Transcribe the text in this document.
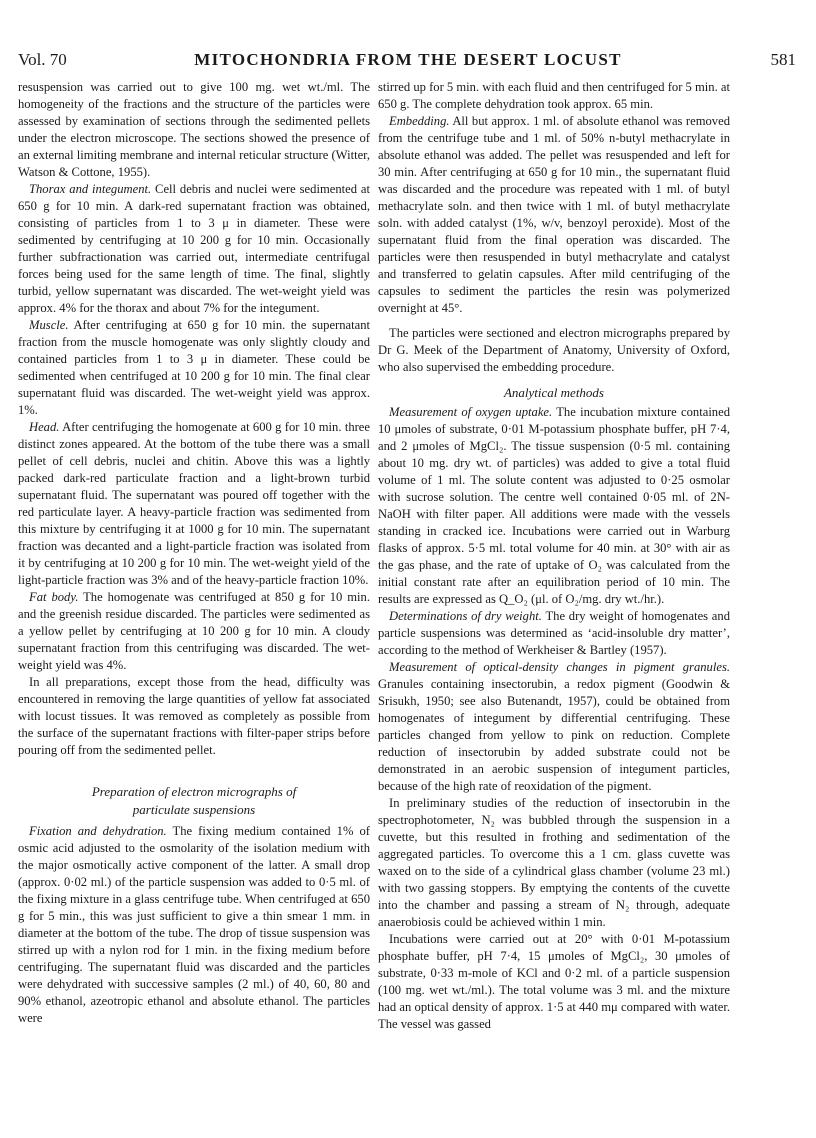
Vol. 70	MITOCHONDRIA FROM THE DESERT LOCUST	581

resuspension was carried out to give 100 mg. wet wt./ml. The homogeneity of the fractions and the structure of the particles were assessed by examination of sections through the sedimented pellets under the electron microscope. The sections showed the presence of an external limiting membrane and internal reticular structure (Witter, Watson & Cottone, 1955).

Thorax and integument. Cell debris and nuclei were sedimented at 650 g for 10 min. A dark-red supernatant fraction was obtained, consisting of particles from 1 to 3 μ in diameter. These were sedimented by centrifuging at 10 200 g for 10 min. Occasionally further subfractionation was carried out, intermediate centrifugal forces being used for the same length of time. The final, slightly turbid, yellow supernatant was discarded. The wet-weight yield was approx. 4% for the thorax and about 7% for the integument.

Muscle. After centrifuging at 650 g for 10 min. the supernatant fraction from the muscle homogenate was only slightly cloudy and contained particles from 1 to 3 μ in diameter. These could be sedimented when centrifuged at 10 200 g for 10 min. The final clear supernatant fluid was discarded. The wet-weight yield was approx. 1%.

Head. After centrifuging the homogenate at 600 g for 10 min. three distinct zones appeared. At the bottom of the tube there was a small pellet of cell debris, nuclei and chitin. Above this was a lightly packed dark-red particulate fraction and a light-brown turbid supernatant fluid. The supernatant was poured off together with the red particulate layer. A heavy-particle fraction was sedimented from this mixture by centrifuging it at 1000 g for 10 min. The supernatant fraction was decanted and a light-particle fraction was isolated from it by centrifuging at 10 200 g for 10 min. The wet-weight yield of the light-particle fraction was 3% and of the heavy-particle fraction 10%.

Fat body. The homogenate was centrifuged at 850 g for 10 min. and the greenish residue discarded. The particles were sedimented as a yellow pellet by centrifuging at 10 200 g for 10 min. A cloudy supernatant fraction from this centrifuging was discarded. The wet-weight yield was 4%.

In all preparations, except those from the head, difficulty was encountered in removing the large quantities of yellow fat associated with locust tissues. It was removed as completely as possible from the surface of the supernatant fractions with filter-paper strips before pouring off from the sedimented pellet.

Preparation of electron micrographs of
particulate suspensions

Fixation and dehydration. The fixing medium contained 1% of osmic acid adjusted to the osmolarity of the isolation medium with the major osmotically active component of the latter. A small drop (approx. 0·02 ml.) of the particle suspension was added to 0·5 ml. of the fixing mixture in a glass centrifuge tube. When centrifuged at 650 g for 5 min., this was just sufficient to give a thin smear 1 mm. in diameter at the bottom of the tube. The drop of tissue suspension was stirred up with a nylon rod for 1 min. in the fixing medium before centrifuging. The supernatant fluid was discarded and the particles were dehydrated with successive samples (2 ml.) of 40, 60, 80 and 90% ethanol, azeotropic ethanol and absolute ethanol. The particles were

stirred up for 5 min. with each fluid and then centrifuged for 5 min. at 650 g. The complete dehydration took approx. 65 min.

Embedding. All but approx. 1 ml. of absolute ethanol was removed from the centrifuge tube and 1 ml. of 50% n-butyl methacrylate in absolute ethanol was added. The pellet was resuspended and left for 30 min. After centrifuging at 650 g for 10 min., the supernatant fluid was discarded and the procedure was repeated with 1 ml. of butyl methacrylate soln. and then twice with 1 ml. of butyl methacrylate soln. with added catalyst (1%, w/v, benzoyl peroxide). Most of the supernatant fluid from the final operation was discarded. The particles were then resuspended in butyl methacrylate and catalyst and transferred to gelatin capsules. After mild centrifuging of the capsules to sediment the particles the resin was polymerized overnight at 45°.

The particles were sectioned and electron micrographs prepared by Dr G. Meek of the Department of Anatomy, University of Oxford, who also supervised the embedding procedure.

Analytical methods

Measurement of oxygen uptake. The incubation mixture contained 10 μmoles of substrate, 0·01 M-potassium phosphate buffer, pH 7·4, and 2 μmoles of MgCl₂. The tissue suspension (0·5 ml. containing about 10 mg. dry wt. of particles) was added to give a total fluid volume of 1 ml. The solute content was adjusted to 0·25 osmolar with sucrose solution. The centre well contained 0·05 ml. of 2N-NaOH with filter paper. All additions were made with the vessels standing in cracked ice. Incubations were carried out in Warburg flasks of approx. 5·5 ml. total volume for 40 min. at 30° with air as the gas phase, and the rate of uptake of O₂ was calculated from the initial constant rate after an equilibration period of 10 min. The results are expressed as Q_O₂ (μl. of O₂/mg. dry wt./hr.).

Determinations of dry weight. The dry weight of homogenates and particle suspensions was determined as ‘acid-insoluble dry matter’, according to the method of Werkheiser & Bartley (1957).

Measurement of optical-density changes in pigment granules. Granules containing insectorubin, a redox pigment (Goodwin & Srisukh, 1950; see also Butenandt, 1957), could be obtained from homogenates of integument by differential centrifuging. These particles changed from yellow to pink on reduction. Complete reduction of insectorubin by added substrate could not be demonstrated in an aerobic suspension of integument particles, because of the high rate of reoxidation of the pigment.

In preliminary studies of the reduction of insectorubin in the spectrophotometer, N₂ was bubbled through the suspension in a cuvette, but this resulted in frothing and sedimentation of the aggregated particles. To overcome this a 1 cm. glass cuvette was waxed on to the side of a cylindrical glass chamber (volume 23 ml.) with two gassing stoppers. By emptying the contents of the cuvette into the chamber and passing a stream of N₂ through, adequate anaerobiosis could be achieved within 1 min.

Incubations were carried out at 20° with 0·01 M-potassium phosphate buffer, pH 7·4, 15 μmoles of MgCl₂, 30 μmoles of substrate, 0·33 m-mole of KCl and 0·2 ml. of a particle suspension (100 mg. wet wt./ml.). The total volume was 3 ml. and the mixture had an optical density of approx. 1·5 at 440 mμ compared with water. The vessel was gassed
